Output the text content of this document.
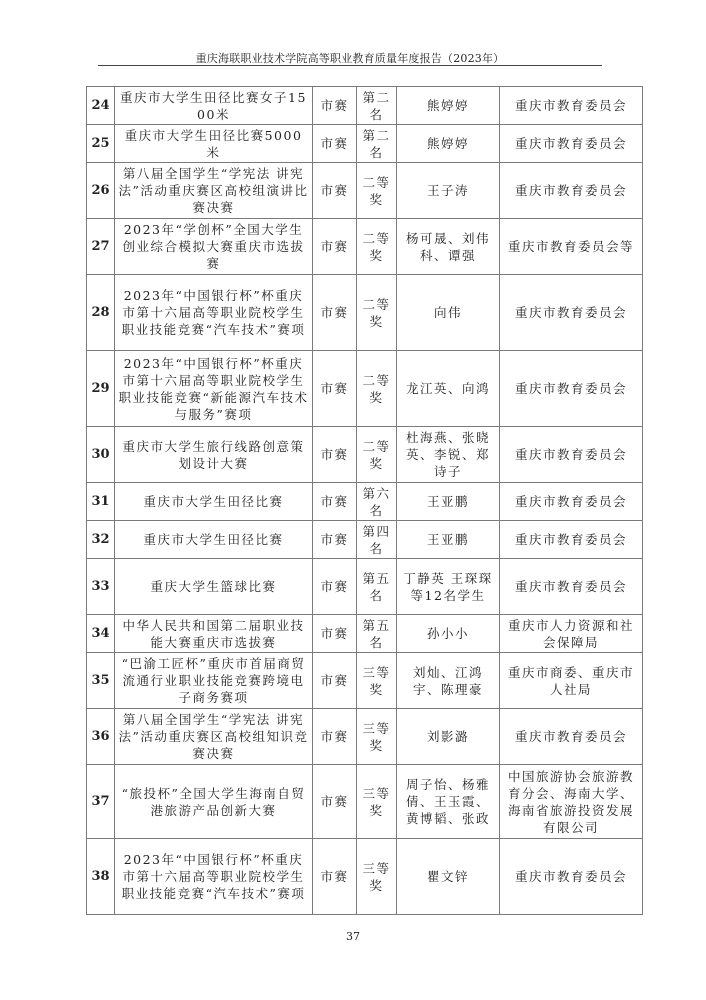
重庆海联职业技术学院高等职业教育质量年度报告（2023年）
24	重庆市大学生田径比赛女子1500米	市赛	第二名	熊婷婷	重庆市教育委员会
25	重庆市大学生田径比赛5000米	市赛	第二名	熊婷婷	重庆市教育委员会
26	第八届全国学生“学宪法 讲宪法”活动重庆赛区高校组演讲比赛决赛	市赛	二等奖	王子涛	重庆市教育委员会
27	2023年“学创杯”全国大学生创业综合模拟大赛重庆市选拔赛	市赛	二等奖	杨可晟、刘伟科、谭强	重庆市教育委员会等
28	2023年“中国银行杯”杯重庆市第十六届高等职业院校学生职业技能竞赛“汽车技术”赛项	市赛	二等奖	向伟	重庆市教育委员会
29	2023年“中国银行杯”杯重庆市第十六届高等职业院校学生职业技能竞赛“新能源汽车技术与服务”赛项	市赛	二等奖	龙江英、向鸿	重庆市教育委员会
30	重庆市大学生旅行线路创意策划设计大赛	市赛	二等奖	杜海燕、张晓英、李锐、郑诗子	重庆市教育委员会
31	重庆市大学生田径比赛	市赛	第六名	王亚鹏	重庆市教育委员会
32	重庆市大学生田径比赛	市赛	第四名	王亚鹏	重庆市教育委员会
33	重庆大学生篮球比赛	市赛	第五名	丁静英 王琛琛等12名学生	重庆市教育委员会
34	中华人民共和国第二届职业技能大赛重庆市选拔赛	市赛	第五名	孙小小	重庆市人力资源和社会保障局
35	“巴渝工匠杯”重庆市首届商贸流通行业职业技能竞赛跨境电子商务赛项	市赛	三等奖	刘灿、江鸿宇、陈理豪	重庆市商委、重庆市人社局
36	第八届全国学生“学宪法 讲宪法”活动重庆赛区高校组知识竞赛决赛	市赛	三等奖	刘影潞	重庆市教育委员会
37	“旅投杯”全国大学生海南自贸港旅游产品创新大赛	市赛	三等奖	周子怡、杨雅倩、王玉霞、黄博韬、张政	中国旅游协会旅游教育分会、海南大学、海南省旅游投资发展有限公司
38	2023年“中国银行杯”杯重庆市第十六届高等职业院校学生职业技能竞赛“汽车技术”赛项	市赛	三等奖	瞿文锌	重庆市教育委员会
37
